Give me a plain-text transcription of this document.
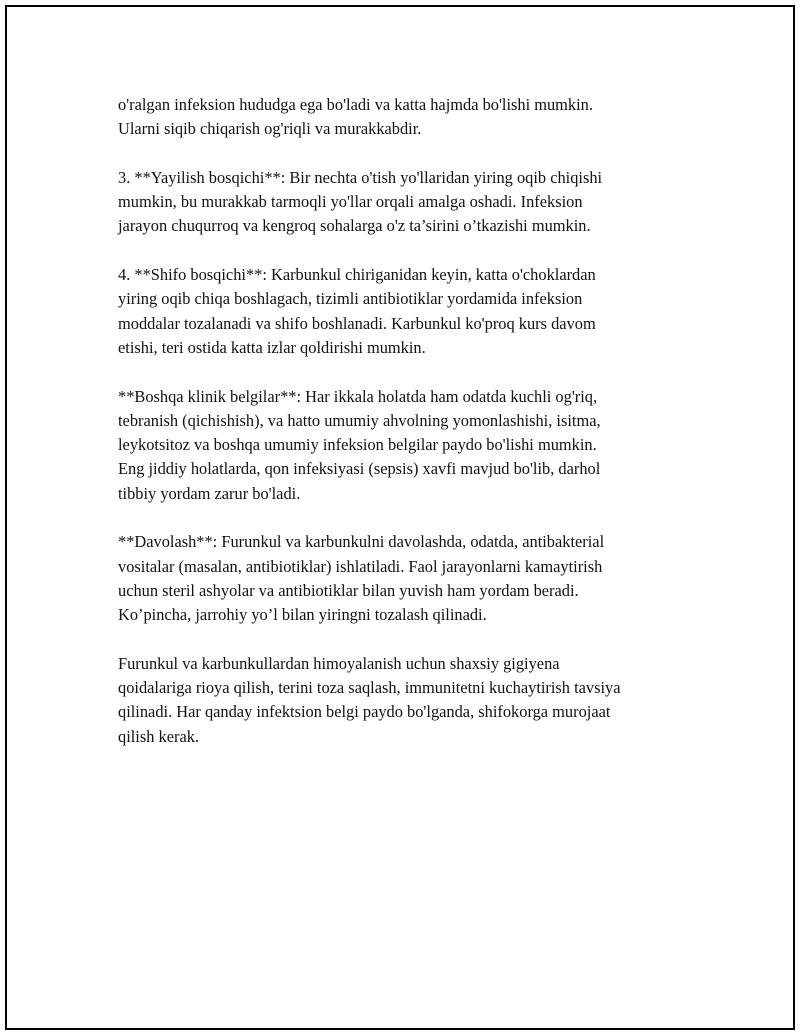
o'ralgan infeksion hududga ega bo'ladi va katta hajmda bo'lishi mumkin.
Ularni siqib chiqarish og'riqli va murakkabdir.

3. **Yayilish bosqichi**: Bir nechta o'tish yo'llaridan yiring oqib chiqishi
mumkin, bu murakkab tarmoqli yo'llar orqali amalga oshadi. Infeksion
jarayon chuqurroq va kengroq sohalarga o'z ta’sirini o’tkazishi mumkin.

4. **Shifo bosqichi**: Karbunkul chiriganidan keyin, katta o'choklardan
yiring oqib chiqa boshlagach, tizimli antibiotiklar yordamida infeksion
moddalar tozalanadi va shifo boshlanadi. Karbunkul ko'proq kurs davom
etishi, teri ostida katta izlar qoldirishi mumkin.

**Boshqa klinik belgilar**: Har ikkala holatda ham odatda kuchli og'riq,
tebranish (qichishish), va hatto umumiy ahvolning yomonlashishi, isitma,
leykotsitoz va boshqa umumiy infeksion belgilar paydo bo'lishi mumkin.
Eng jiddiy holatlarda, qon infeksiyasi (sepsis) xavfi mavjud bo'lib, darhol
tibbiy yordam zarur bo'ladi.

**Davolash**: Furunkul va karbunkulni davolashda, odatda, antibakterial
vositalar (masalan, antibiotiklar) ishlatiladi. Faol jarayonlarni kamaytirish
uchun steril ashyolar va antibiotiklar bilan yuvish ham yordam beradi.
Ko’pincha, jarrohiy yo’l bilan yiringni tozalash qilinadi.

Furunkul va karbunkullardan himoyalanish uchun shaxsiy gigiyena
qoidalariga rioya qilish, terini toza saqlash, immunitetni kuchaytirish tavsiya
qilinadi. Har qanday infektsion belgi paydo bo'lganda, shifokorga murojaat
qilish kerak.
